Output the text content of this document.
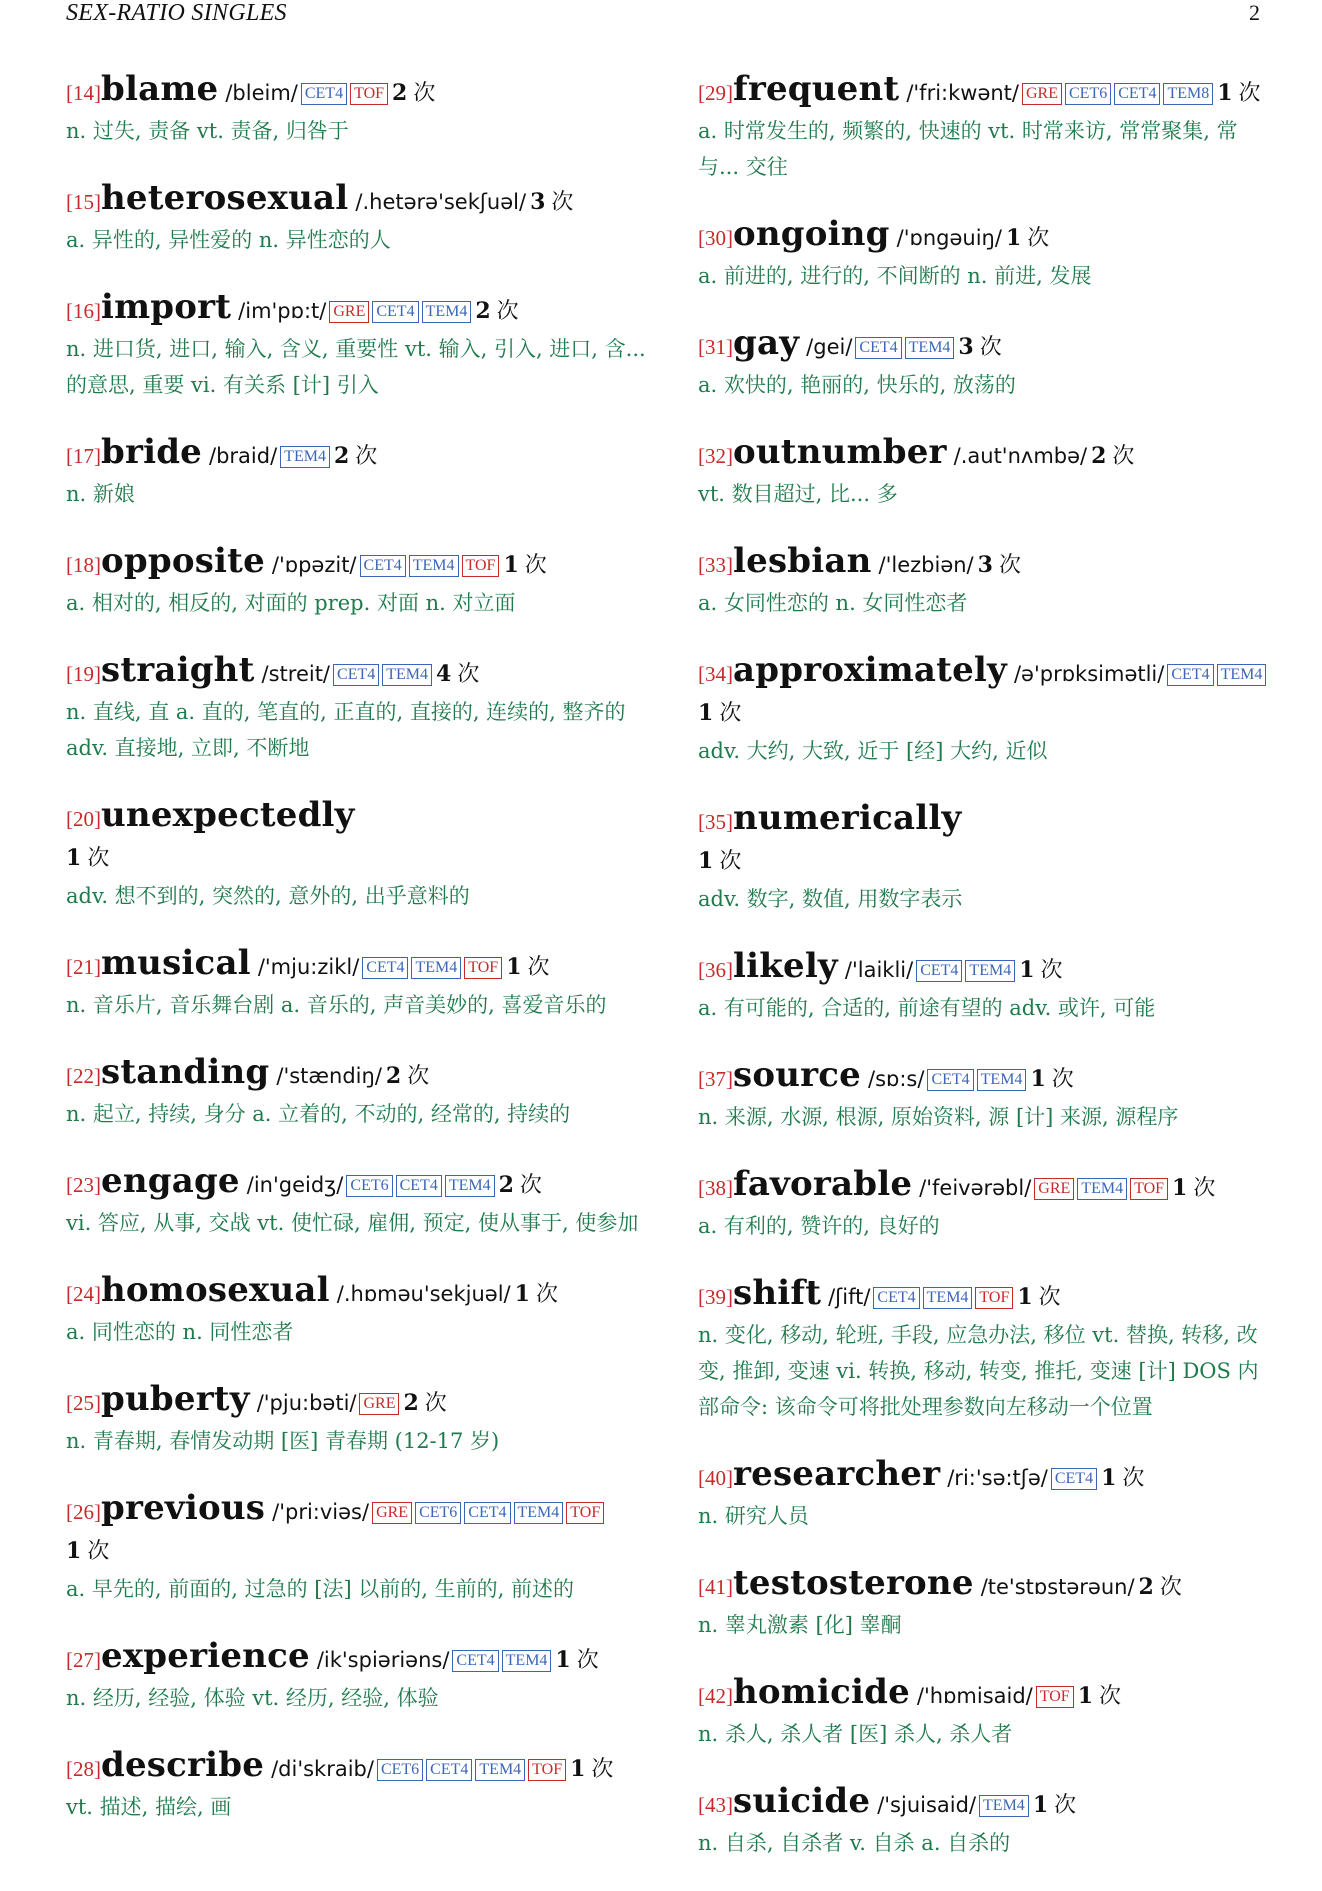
SEX-RATIO SINGLES	2
[14]blame /bleim/ CET4 TOF 2 次
n. 过失, 责备 vt. 责备, 归咎于
[15]heterosexual /.hetərə'sekʃuəl/ 3 次
a. 异性的, 异性爱的 n. 异性恋的人
[16]import /im'pɒ:t/ GRE CET4 TEM4 2 次
n. 进口货, 进口, 输入, 含义, 重要性 vt. 输入, 引入, 进口, 含... 的意思, 重要 vi. 有关系 [计] 引入
[17]bride /braid/ TEM4 2 次
n. 新娘
[18]opposite /'ɒpəzit/ CET4 TEM4 TOF 1 次
a. 相对的, 相反的, 对面的 prep. 对面 n. 对立面
[19]straight /streit/ CET4 TEM4 4 次
n. 直线, 直 a. 直的, 笔直的, 正直的, 直接的, 连续的, 整齐的 adv. 直接地, 立即, 不断地
[20]unexpectedly
1 次
adv. 想不到的, 突然的, 意外的, 出乎意料的
[21]musical /'mju:zikl/ CET4 TEM4 TOF 1 次
n. 音乐片, 音乐舞台剧 a. 音乐的, 声音美妙的, 喜爱音乐的
[22]standing /'stændiŋ/ 2 次
n. 起立, 持续, 身分 a. 立着的, 不动的, 经常的, 持续的
[23]engage /in'geidʒ/ CET6 CET4 TEM4 2 次
vi. 答应, 从事, 交战 vt. 使忙碌, 雇佣, 预定, 使从事于, 使参加
[24]homosexual /.hɒməu'sekjuəl/ 1 次
a. 同性恋的 n. 同性恋者
[25]puberty /'pju:bəti/ GRE 2 次
n. 青春期, 春情发动期 [医] 青春期 (12-17 岁)
[26]previous /'pri:viəs/ GRE CET6 CET4 TEM4 TOF
1 次
a. 早先的, 前面的, 过急的 [法] 以前的, 生前的, 前述的
[27]experience /ik'spiəriəns/ CET4 TEM4 1 次
n. 经历, 经验, 体验 vt. 经历, 经验, 体验
[28]describe /di'skraib/ CET6 CET4 TEM4 TOF 1 次
vt. 描述, 描绘, 画
[29]frequent /'fri:kwənt/ GRE CET6 CET4 TEM8 1 次
a. 时常发生的, 频繁的, 快速的 vt. 时常来访, 常常聚集, 常与... 交往
[30]ongoing /'ɒngəuiŋ/ 1 次
a. 前进的, 进行的, 不间断的 n. 前进, 发展
[31]gay /gei/ CET4 TEM4 3 次
a. 欢快的, 艳丽的, 快乐的, 放荡的
[32]outnumber /.aut'nʌmbə/ 2 次
vt. 数目超过, 比... 多
[33]lesbian /'lezbiən/ 3 次
a. 女同性恋的 n. 女同性恋者
[34]approximately /ə'prɒksimətli/ CET4 TEM4
1 次
adv. 大约, 大致, 近于 [经] 大约, 近似
[35]numerically
1 次
adv. 数字, 数值, 用数字表示
[36]likely /'laikli/ CET4 TEM4 1 次
a. 有可能的, 合适的, 前途有望的 adv. 或许, 可能
[37]source /sɒ:s/ CET4 TEM4 1 次
n. 来源, 水源, 根源, 原始资料, 源 [计] 来源, 源程序
[38]favorable /'feivərəbl/ GRE TEM4 TOF 1 次
a. 有利的, 赞许的, 良好的
[39]shift /ʃift/ CET4 TEM4 TOF 1 次
n. 变化, 移动, 轮班, 手段, 应急办法, 移位 vt. 替换, 转移, 改变, 推卸, 变速 vi. 转换, 移动, 转变, 推托, 变速 [计] DOS 内部命令: 该命令可将批处理参数向左移动一个位置
[40]researcher /ri:'sə:tʃə/ CET4 1 次
n. 研究人员
[41]testosterone /te'stɒstərəun/ 2 次
n. 睾丸激素 [化] 睾酮
[42]homicide /'hɒmisaid/ TOF 1 次
n. 杀人, 杀人者 [医] 杀人, 杀人者
[43]suicide /'sjuisaid/ TEM4 1 次
n. 自杀, 自杀者 v. 自杀 a. 自杀的
